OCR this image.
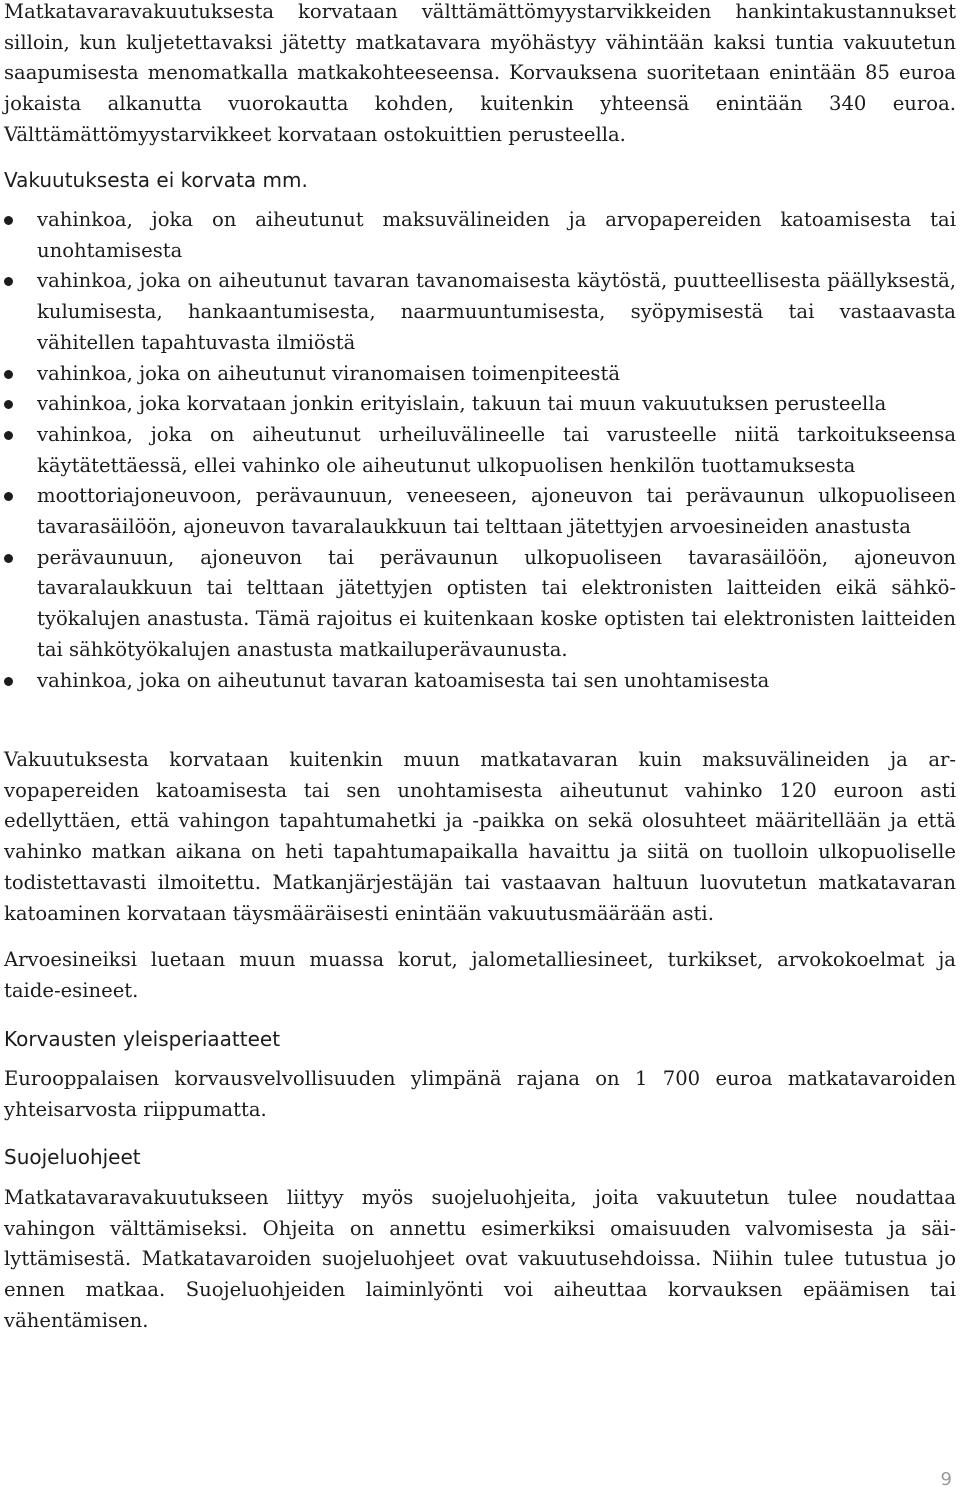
Matkatavaravakuutuksesta korvataan välttämättömyystarvikkeiden hankintakustannukset silloin, kun kuljetettavaksi jätetty matkatavara myöhästyy vähintään kaksi tuntia vakuutetun saapumisesta menomatkalla matkakohteeseensa. Korvauksena suoritetaan enintään 85 euroa jokaista alkanutta vuorokautta kohden, kuitenkin yhteensä enintään 340 euroa. Välttämättömyystarvikkeet korvataan ostokuittien perusteella.

Vakuutuksesta ei korvata mm.
vahinkoa, joka on aiheutunut maksuvälineiden ja arvopapereiden katoamisesta tai unohtamisesta
vahinkoa, joka on aiheutunut tavaran tavanomaisesta käytöstä, puutteellisesta päällyksestä, kulumisesta, hankaantumisesta, naarmuuntumisesta, syöpymisestä tai vastaavasta vähitellen tapahtuvasta ilmiöstä
vahinkoa, joka on aiheutunut viranomaisen toimenpiteestä
vahinkoa, joka korvataan jonkin erityislain, takuun tai muun vakuutuksen perusteella
vahinkoa, joka on aiheutunut urheiluvälineelle tai varusteelle niitä tarkoitukseensa käytätettäessä, ellei vahinko ole aiheutunut ulkopuolisen henkilön tuottamuksesta
moottoriajoneuvoon, perävaunuun, veneeseen, ajoneuvon tai perävaunun ulkopuoliseen tavarasäilöön, ajoneuvon tavaralaukkuun tai telttaan jätettyjen arvoesineiden anastusta
perävaunuun, ajoneuvon tai perävaunun ulkopuoliseen tavarasäilöön, ajoneuvon tavaralaukkuun tai telttaan jätettyjen optisten tai elektronisten laitteiden eikä sähkötyökalujen anastusta. Tämä rajoitus ei kuitenkaan koske optisten tai elektronisten laitteiden tai sähkötyökalujen anastusta matkailuperävaunusta.
vahinkoa, joka on aiheutunut tavaran katoamisesta tai sen unohtamisesta

Vakuutuksesta korvataan kuitenkin muun matkatavaran kuin maksuvälineiden ja arvopapereiden katoamisesta tai sen unohtamisesta aiheutunut vahinko 120 euroon asti edellyttäen, että vahingon tapahtumahetki ja -paikka on sekä olosuhteet määritellään ja että vahinko matkan aikana on heti tapahtumapaikalla havaittu ja siitä on tuolloin ulkopuoliselle todistettavasti ilmoitettu. Matkanjärjestäjän tai vastaavan haltuun luovutetun matkatavaran katoaminen korvataan täysmääräisesti enintään vakuutusmäärään asti.

Arvoesineiksi luetaan muun muassa korut, jalometalliesineet, turkikset, arvokokoelmat ja taide-esineet.

Korvausten yleisperiaatteet

Eurooppalaisen korvausvelvollisuuden ylimpänä rajana on 1 700 euroa matkatavaroiden yhteisarvosta riippumatta.

Suojeluohjeet

Matkatavaravakuutukseen liittyy myös suojeluohjeita, joita vakuutetun tulee noudattaa vahingon välttämiseksi. Ohjeita on annettu esimerkiksi omaisuuden valvomisesta ja säilyttämisestä. Matkatavaroiden suojeluohjeet ovat vakuutusehdoissa. Niihin tulee tutustua jo ennen matkaa. Suojeluohjeiden laiminlyönti voi aiheuttaa korvauksen epäämisen tai vähentämisen.

9
